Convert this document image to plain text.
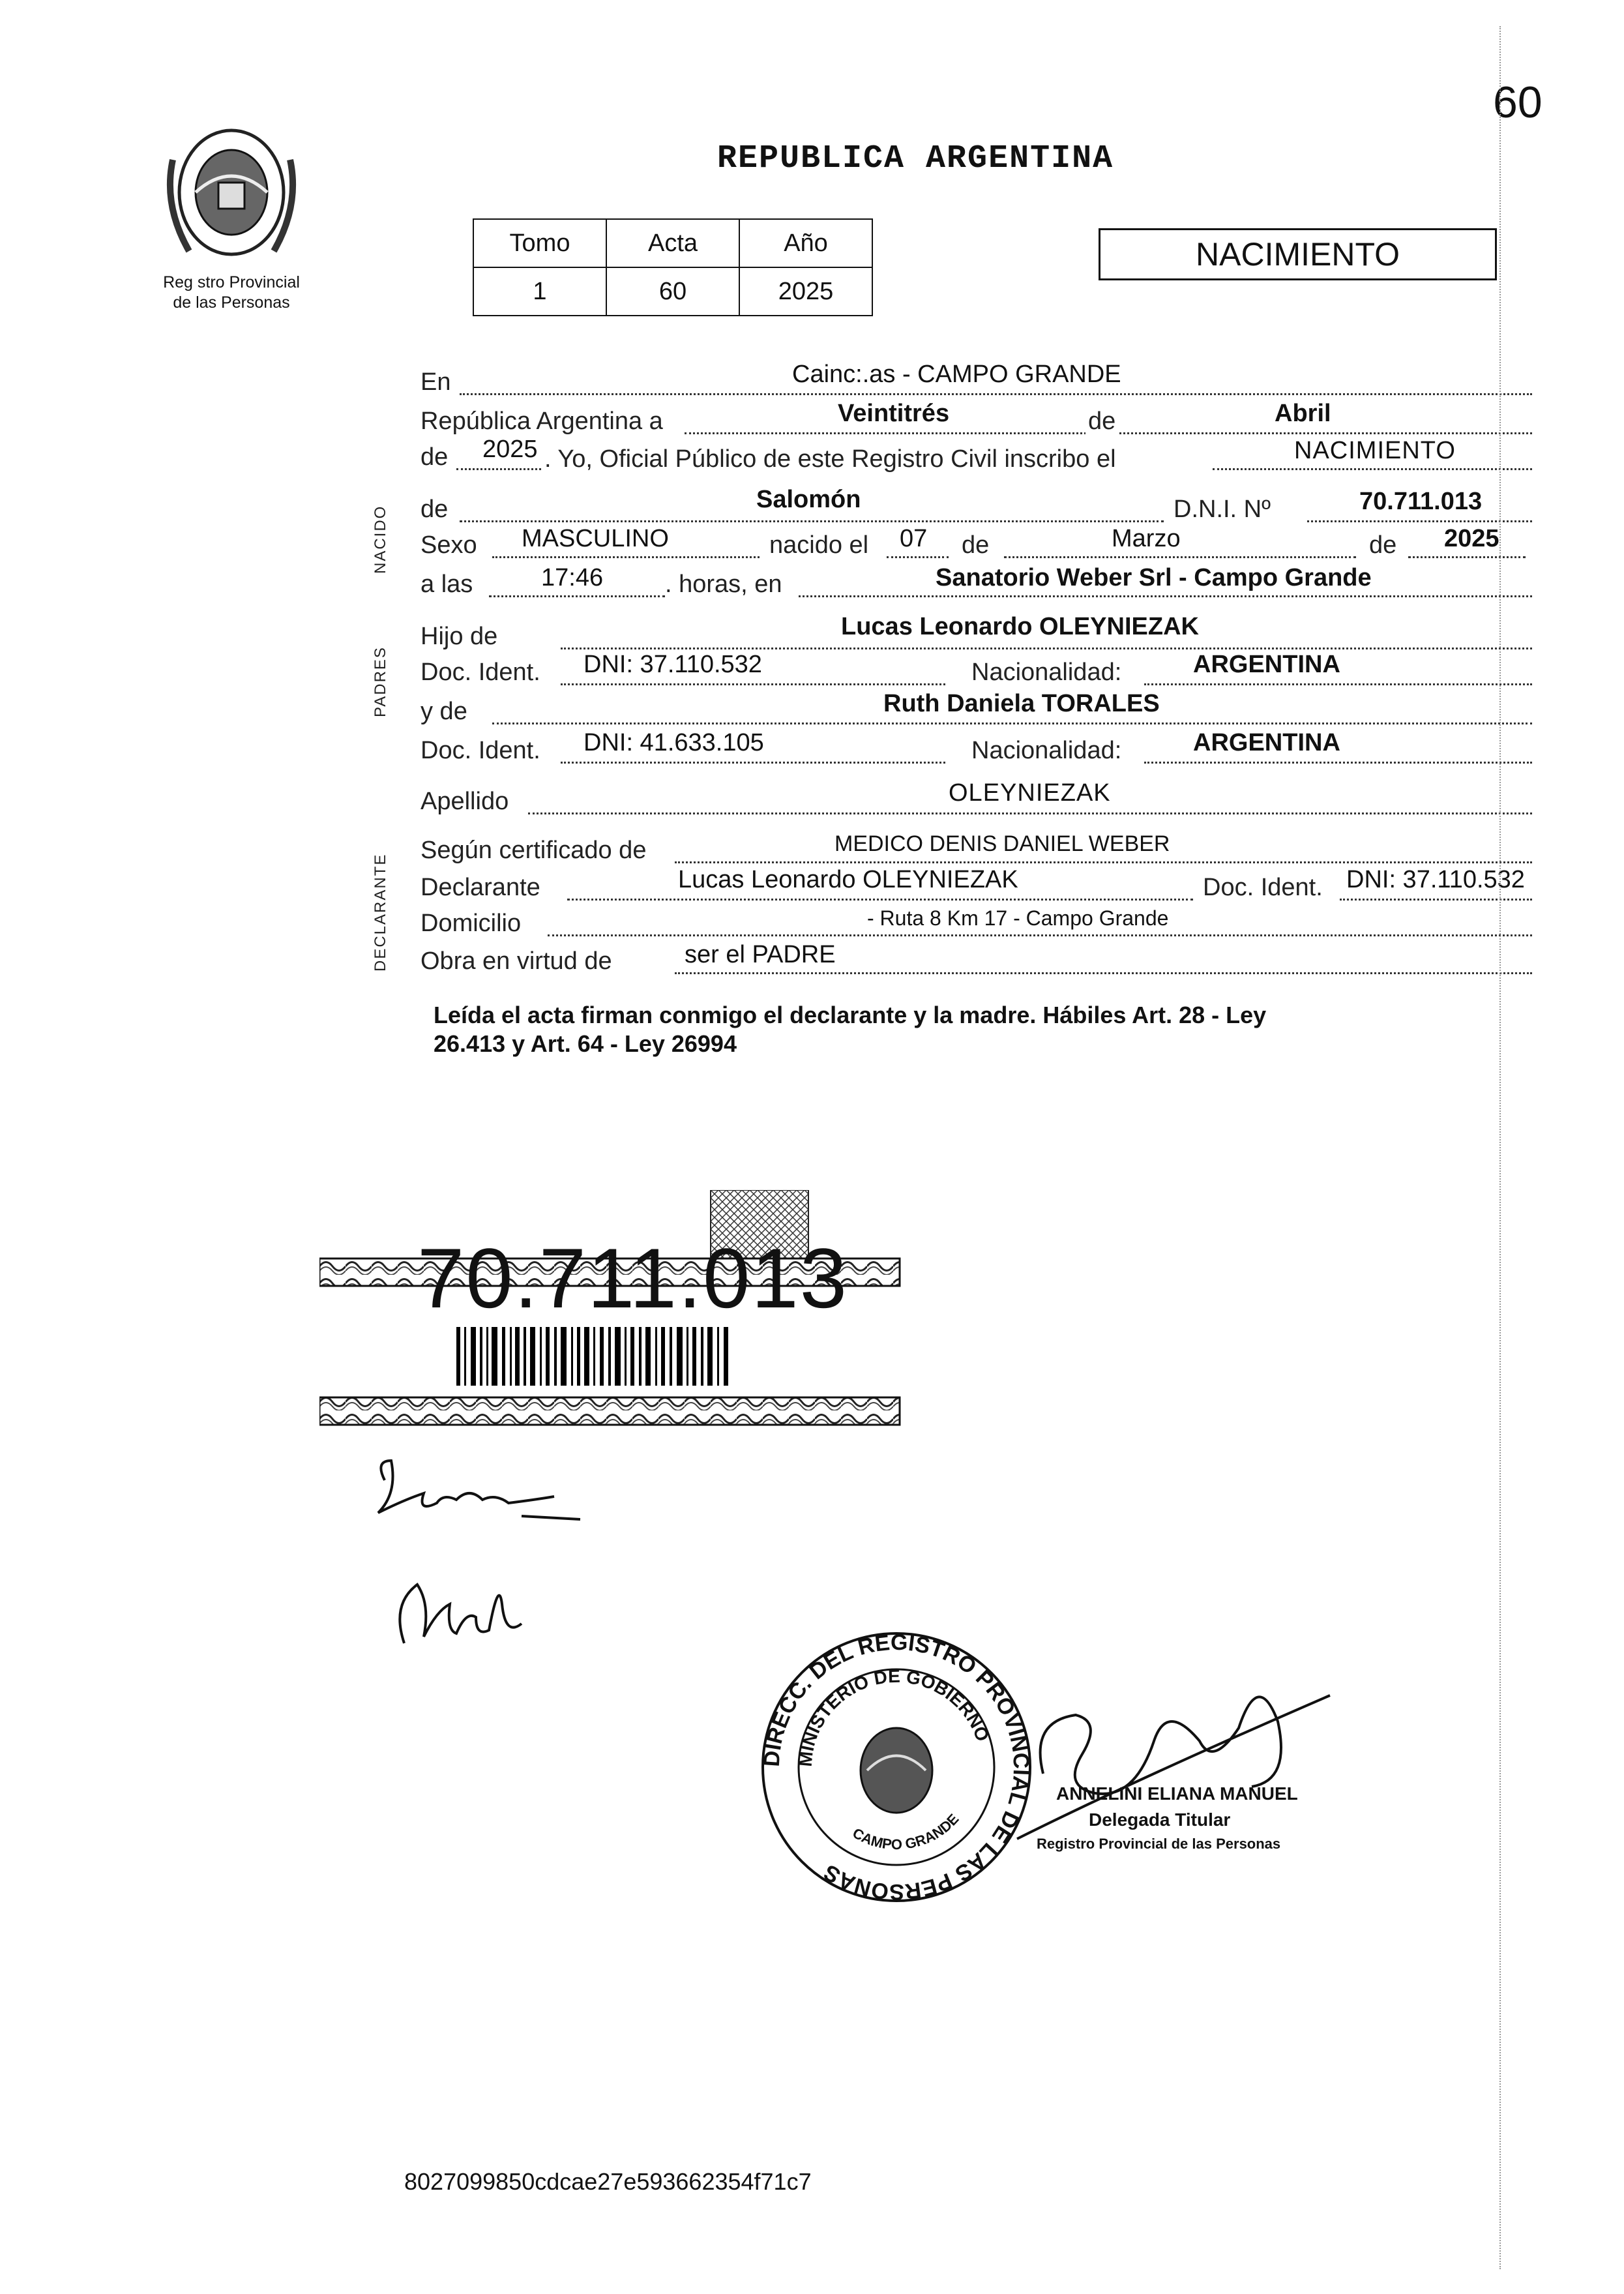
Reg stro Provincial
de las Personas
REPUBLICA ARGENTINA
60
Tomo	Acta	Año
1	60	2025
NACIMIENTO
NACIDO
PADRES
DECLARANTE
En	Cainc:.as - CAMPO GRANDE
República Argentina a	Veintitrés	de	Abril
de 2025 . Yo, Oficial Público de este Registro Civil inscribo el	NACIMIENTO
de	Salomón	D.N.I. Nº	70.711.013
Sexo MASCULINO	nacido el 07 de	Marzo	de 2025
a las	17:46 . horas, en	Sanatorio Weber Srl - Campo Grande
Hijo de	Lucas Leonardo OLEYNIEZAK
Doc. Ident. DNI: 37.110.532	Nacionalidad:	ARGENTINA
y de	Ruth Daniela TORALES
Doc. Ident. DNI: 41.633.105	Nacionalidad:	ARGENTINA
Apellido	OLEYNIEZAK
Según certificado de	MEDICO DENIS DANIEL WEBER
Declarante	Lucas Leonardo OLEYNIEZAK	Doc. Ident. DNI: 37.110.532
Domicilio	- Ruta 8 Km 17 - Campo Grande
Obra en virtud de	ser el PADRE
Leída el acta firman conmigo el declarante y la madre. Hábiles Art. 28 - Ley
26.413 y Art. 64 - Ley 26994
70.711.013
DIRECC. DEL REGISTRO PROVINCIAL DE LAS PERSONAS
MINISTERIO DE GOBIERNO
CAMPO GRANDE
ANNELINI ELIANA MANUEL
Delegada Titular
Registro Provincial de las Personas
8027099850cdcae27e593662354f71c7
